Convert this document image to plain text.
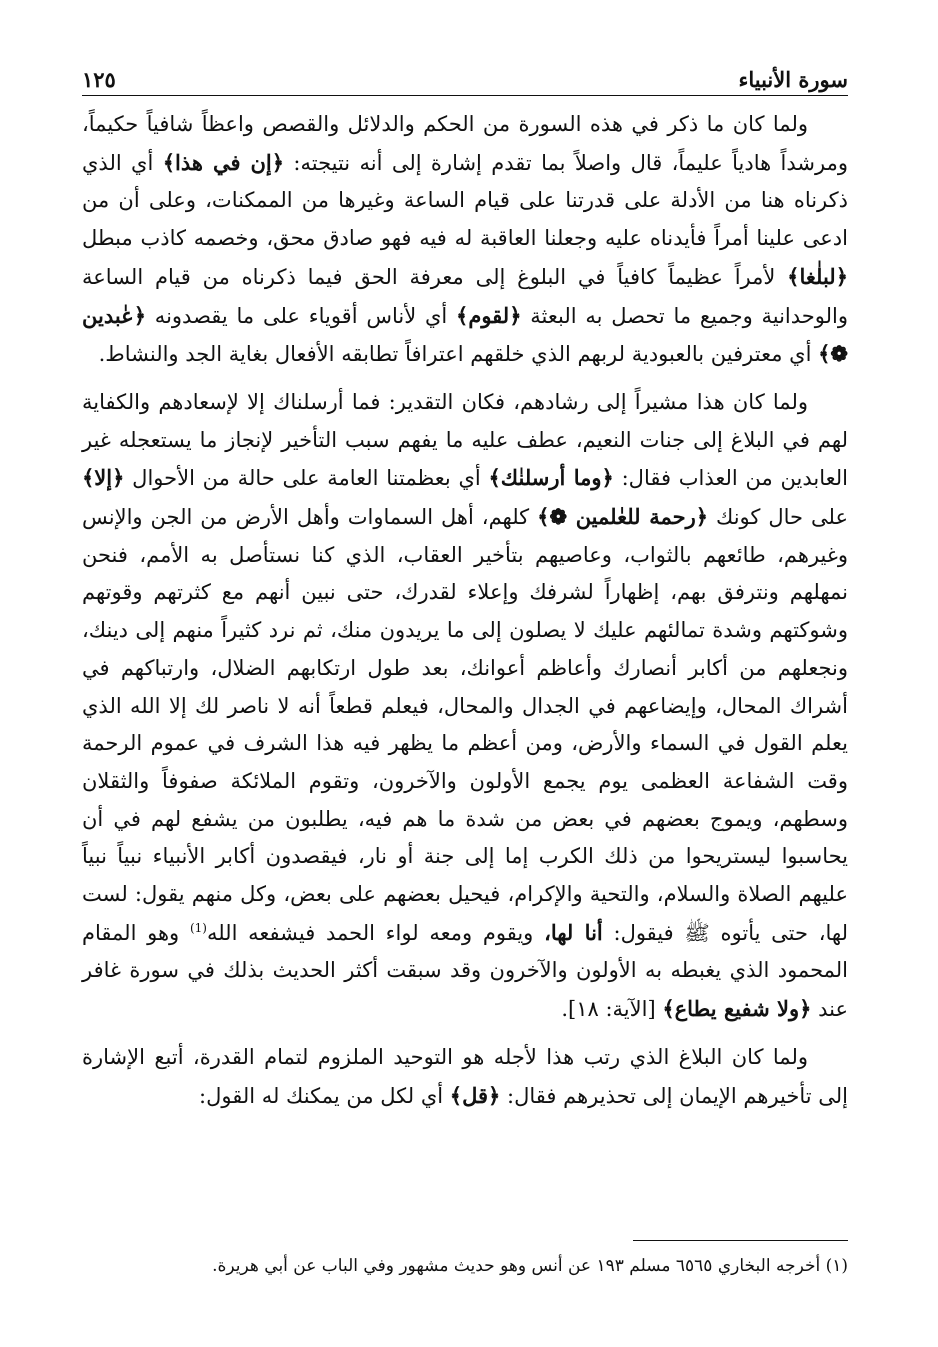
سورة الأنبياء
١٢٥

ولما كان ما ذكر في هذه السورة من الحكم والدلائل والقصص واعظاً شافياً حكيماً، ومرشداً هادياً عليماً، قال واصلاً بما تقدم إشارة إلى أنه نتيجته: ﴿إن في هذا﴾ أي الذي ذكرناه هنا من الأدلة على قدرتنا على قيام الساعة وغيرها من الممكنات، وعلى أن من ادعى علينا أمراً فأيدناه عليه وجعلنا العاقبة له فيه فهو صادق محق، وخصمه كاذب مبطل ﴿لبلٰغا﴾ لأمراً عظيماً كافياً في البلوغ إلى معرفة الحق فيما ذكرناه من قيام الساعة والوحدانية وجميع ما تحصل به البعثة ﴿لقوم﴾ أي لأناس أقوياء على ما يقصدونه ﴿عٰبدين ❁﴾ أي معترفين بالعبودية لربهم الذي خلقهم اعترافاً تطابقه الأفعال بغاية الجد والنشاط.

ولما كان هذا مشيراً إلى رشادهم، فكان التقدير: فما أرسلناك إلا لإسعادهم والكفاية لهم في البلاغ إلى جنات النعيم، عطف عليه ما يفهم سبب التأخير لإنجاز ما يستعجله غير العابدين من العذاب فقال: ﴿وما أرسلنٰك﴾ أي بعظمتنا العامة على حالة من الأحوال ﴿إلا﴾ على حال كونك ﴿رحمة للعٰلمين ❁﴾ كلهم، أهل السماوات وأهل الأرض من الجن والإنس وغيرهم، طائعهم بالثواب، وعاصيهم بتأخير العقاب، الذي كنا نستأصل به الأمم، فنحن نمهلهم ونترفق بهم، إظهاراً لشرفك وإعلاء لقدرك، حتى نبين أنهم مع كثرتهم وقوتهم وشوكتهم وشدة تمالئهم عليك لا يصلون إلى ما يريدون منك، ثم نرد كثيراً منهم إلى دينك، ونجعلهم من أكابر أنصارك وأعاظم أعوانك، بعد طول ارتكابهم الضلال، وارتباكهم في أشراك المحال، وإيضاعهم في الجدال والمحال، فيعلم قطعاً أنه لا ناصر لك إلا الله الذي يعلم القول في السماء والأرض، ومن أعظم ما يظهر فيه هذا الشرف في عموم الرحمة وقت الشفاعة العظمى يوم يجمع الأولون والآخرون، وتقوم الملائكة صفوفاً والثقلان وسطهم، ويموج بعضهم في بعض من شدة ما هم فيه، يطلبون من يشفع لهم في أن يحاسبوا ليستريحوا من ذلك الكرب إما إلى جنة أو نار، فيقصدون أكابر الأنبياء نبياً نبياً عليهم الصلاة والسلام، والتحية والإكرام، فيحيل بعضهم على بعض، وكل منهم يقول: لست لها، حتى يأتوه ﷺ فيقول: أنا لها، ويقوم ومعه لواء الحمد فيشفعه الله$^{(1)}$ وهو المقام المحمود الذي يغبطه به الأولون والآخرون وقد سبقت أكثر الحديث بذلك في سورة غافر عند ﴿ولا شفيع يطاع﴾ [الآية: ١٨].

ولما كان البلاغ الذي رتب هذا لأجله هو التوحيد الملزوم لتمام القدرة، أتبع الإشارة إلى تأخيرهم الإيمان إلى تحذيرهم فقال: ﴿قل﴾ أي لكل من يمكنك له القول:

(١) أخرجه البخاري ٦٥٦٥ مسلم ١٩٣ عن أنس وهو حديث مشهور وفي الباب عن أبي هريرة.
